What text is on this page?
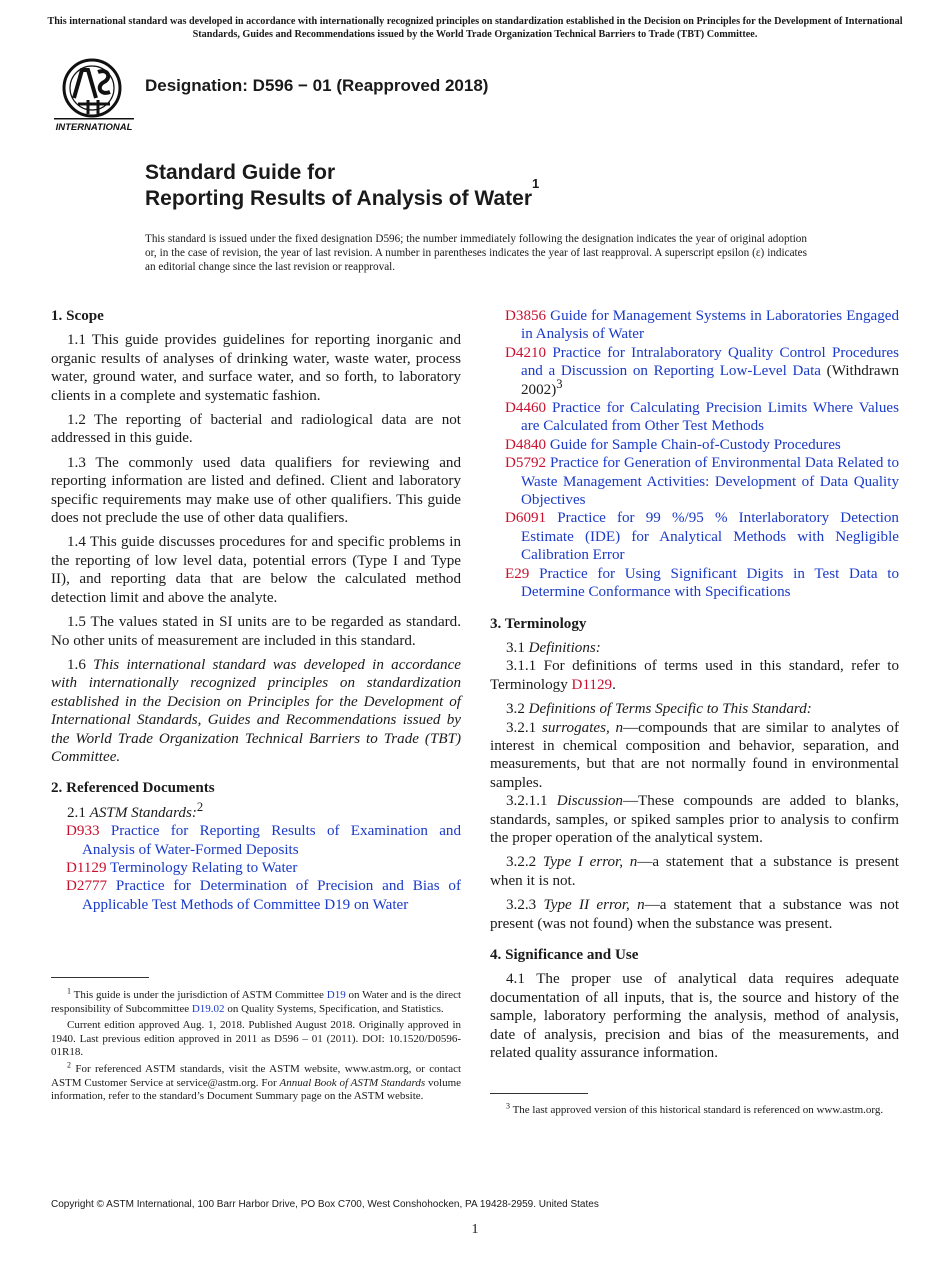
This international standard was developed in accordance with internationally recognized principles on standardization established in the Decision on Principles for the Development of International Standards, Guides and Recommendations issued by the World Trade Organization Technical Barriers to Trade (TBT) Committee.
INTERNATIONAL
Designation: D596 − 01 (Reapproved 2018)
Standard Guide for
Reporting Results of Analysis of Water$^1$
This standard is issued under the fixed designation D596; the number immediately following the designation indicates the year of original adoption or, in the case of revision, the year of last revision. A number in parentheses indicates the year of last reapproval. A superscript epsilon (ε) indicates an editorial change since the last revision or reapproval.

1. Scope

1.1 This guide provides guidelines for reporting inorganic and organic results of analyses of drinking water, waste water, process water, ground water, and surface water, and so forth, to laboratory clients in a complete and systematic fashion.

1.2 The reporting of bacterial and radiological data are not addressed in this guide.

1.3 The commonly used data qualifiers for reviewing and reporting information are listed and defined. Client and laboratory specific requirements may make use of other qualifiers. This guide does not preclude the use of other data qualifiers.

1.4 This guide discusses procedures for and specific problems in the reporting of low level data, potential errors (Type I and Type II), and reporting data that are below the calculated method detection limit and above the analyte.

1.5 The values stated in SI units are to be regarded as standard. No other units of measurement are included in this standard.

1.6 This international standard was developed in accordance with internationally recognized principles on standardization established in the Decision on Principles for the Development of International Standards, Guides and Recommendations issued by the World Trade Organization Technical Barriers to Trade (TBT) Committee.

2. Referenced Documents

2.1 ASTM Standards:$^2$

D933 Practice for Reporting Results of Examination and Analysis of Water-Formed Deposits

D1129 Terminology Relating to Water

D2777 Practice for Determination of Precision and Bias of Applicable Test Methods of Committee D19 on Water

$^1$ This guide is under the jurisdiction of ASTM Committee D19 on Water and is the direct responsibility of Subcommittee D19.02 on Quality Systems, Specification, and Statistics.

Current edition approved Aug. 1, 2018. Published August 2018. Originally approved in 1940. Last previous edition approved in 2011 as D596 – 01 (2011). DOI: 10.1520/D0596-01R18.

$^2$ For referenced ASTM standards, visit the ASTM website, www.astm.org, or contact ASTM Customer Service at service@astm.org. For Annual Book of ASTM Standards volume information, refer to the standard’s Document Summary page on the ASTM website.

D3856 Guide for Management Systems in Laboratories Engaged in Analysis of Water

D4210 Practice for Intralaboratory Quality Control Procedures and a Discussion on Reporting Low-Level Data (Withdrawn 2002)$^3$

D4460 Practice for Calculating Precision Limits Where Values are Calculated from Other Test Methods

D4840 Guide for Sample Chain-of-Custody Procedures

D5792 Practice for Generation of Environmental Data Related to Waste Management Activities: Development of Data Quality Objectives

D6091 Practice for 99 %/95 % Interlaboratory Detection Estimate (IDE) for Analytical Methods with Negligible Calibration Error

E29 Practice for Using Significant Digits in Test Data to Determine Conformance with Specifications

3. Terminology

3.1 Definitions:

3.1.1 For definitions of terms used in this standard, refer to Terminology D1129.

3.2 Definitions of Terms Specific to This Standard:

3.2.1 surrogates, n—compounds that are similar to analytes of interest in chemical composition and behavior, separation, and measurements, but that are not normally found in environmental samples.

3.2.1.1 Discussion—These compounds are added to blanks, standards, samples, or spiked samples prior to analysis to confirm the proper operation of the analytical system.

3.2.2 Type I error, n—a statement that a substance is present when it is not.

3.2.3 Type II error, n—a statement that a substance was not present (was not found) when the substance was present.

4. Significance and Use

4.1 The proper use of analytical data requires adequate documentation of all inputs, that is, the source and history of the sample, laboratory performing the analysis, method of analysis, date of analysis, precision and bias of the measurements, and related quality assurance information.

$^3$ The last approved version of this historical standard is referenced on www.astm.org.

Copyright © ASTM International, 100 Barr Harbor Drive, PO Box C700, West Conshohocken, PA 19428-2959. United States
1
